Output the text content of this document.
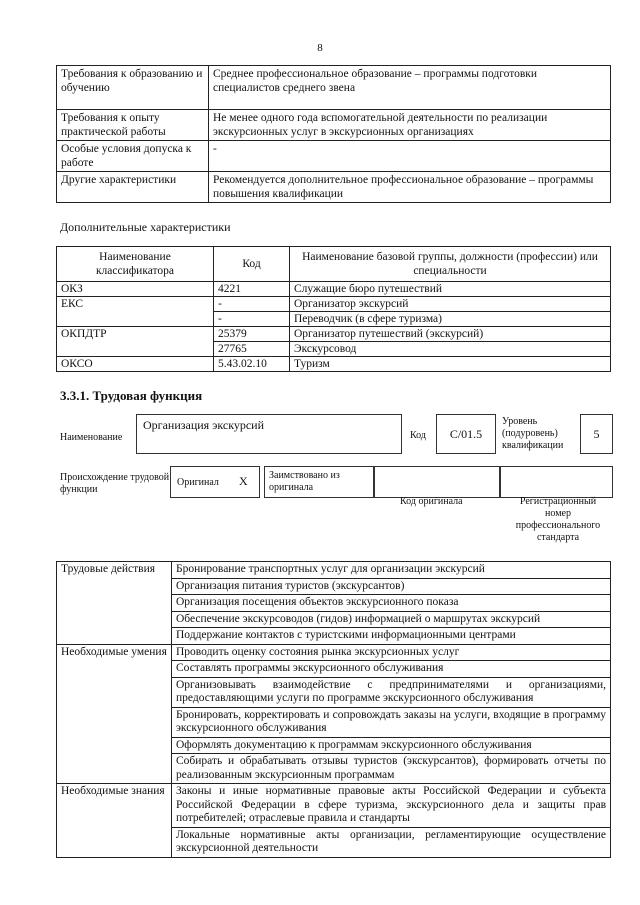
8
Требования к образованию и обучению	Среднее профессиональное образование – программы подготовки специалистов среднего звена
Требования к опыту практической работы	Не менее одного года вспомогательной деятельности по реализации экскурсионных услуг в экскурсионных организациях
Особые условия допуска к работе	-
Другие характеристики	Рекомендуется дополнительное профессиональное образование – программы повышения квалификации
Дополнительные характеристики
Наименование классификатора	Код	Наименование базовой группы, должности (профессии) или специальности
ОКЗ	4221	Служащие бюро путешествий
ЕКС	-	Организатор экскурсий
	-	Переводчик (в сфере туризма)
ОКПДТР	25379	Организатор путешествий (экскурсий)
	27765	Экскурсовод
ОКСО	5.43.02.10	Туризм
3.3.1. Трудовая функция
Наименование
Организация экскурсий
Код	С/01.5
Уровень (подуровень) квалификации
5
Происхождение трудовой функции
Оригинал X Заимствовано из оригинала
Код оригинала	Регистрационный номер профессионального стандарта
Трудовые действия	Бронирование транспортных услуг для организации экскурсий
	Организация питания туристов (экскурсантов)
	Организация посещения объектов экскурсионного показа
	Обеспечение экскурсоводов (гидов) информацией о маршрутах экскурсий
	Поддержание контактов с туристскими информационными центрами
Необходимые умения	Проводить оценку состояния рынка экскурсионных услуг
	Составлять программы экскурсионного обслуживания
	Организовывать взаимодействие с предпринимателями и организациями, предоставляющими услуги по программе экскурсионного обслуживания
	Бронировать, корректировать и сопровождать заказы на услуги, входящие в программу экскурсионного обслуживания
	Оформлять документацию к программам экскурсионного обслуживания
	Собирать и обрабатывать отзывы туристов (экскурсантов), формировать отчеты по реализованным экскурсионным программам
Необходимые знания	Законы и иные нормативные правовые акты Российской Федерации и субъекта Российской Федерации в сфере туризма, экскурсионного дела и защиты прав потребителей; отраслевые правила и стандарты
	Локальные нормативные акты организации, регламентирующие осуществление экскурсионной деятельности
